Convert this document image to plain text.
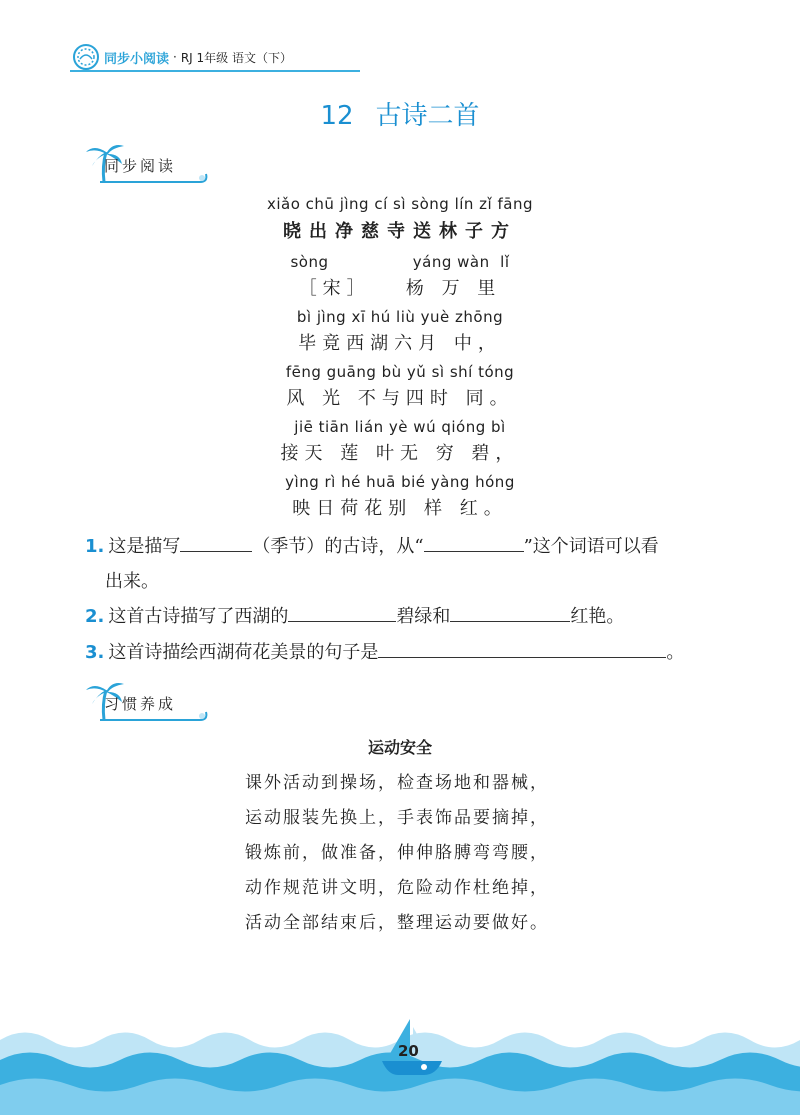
同步小阅读 · RJ 1年级 语文（下）
12 古诗二首
同步阅读
xiǎo chū jìng cí sì sòng lín zǐ fāng
晓出净慈寺送林子方
sòng                yáng wàn  lǐ
［宋］   杨 万 里
bì jìng xī hú liù yuè zhōng
毕竟西湖六月 中，
fēng guāng bù yǔ sì shí tóng
风 光 不与四时 同。
jiē tiān lián yè wú qióng bì
接天 莲 叶无 穷 碧，
yìng rì hé huā bié yàng hóng
映日荷花别 样 红。
1. 这是描写	（季节）的古诗，从“	”这个词语可以看
出来。
2. 这首古诗描写了西湖的	碧绿和	红艳。
3. 这首诗描绘西湖荷花美景的句子是	。
习惯养成
运动安全
课外活动到操场，检查场地和器械，
运动服装先换上，手表饰品要摘掉，
锻炼前，做准备，伸伸胳膊弯弯腰，
动作规范讲文明，危险动作杜绝掉，
活动全部结束后，整理运动要做好。
20
